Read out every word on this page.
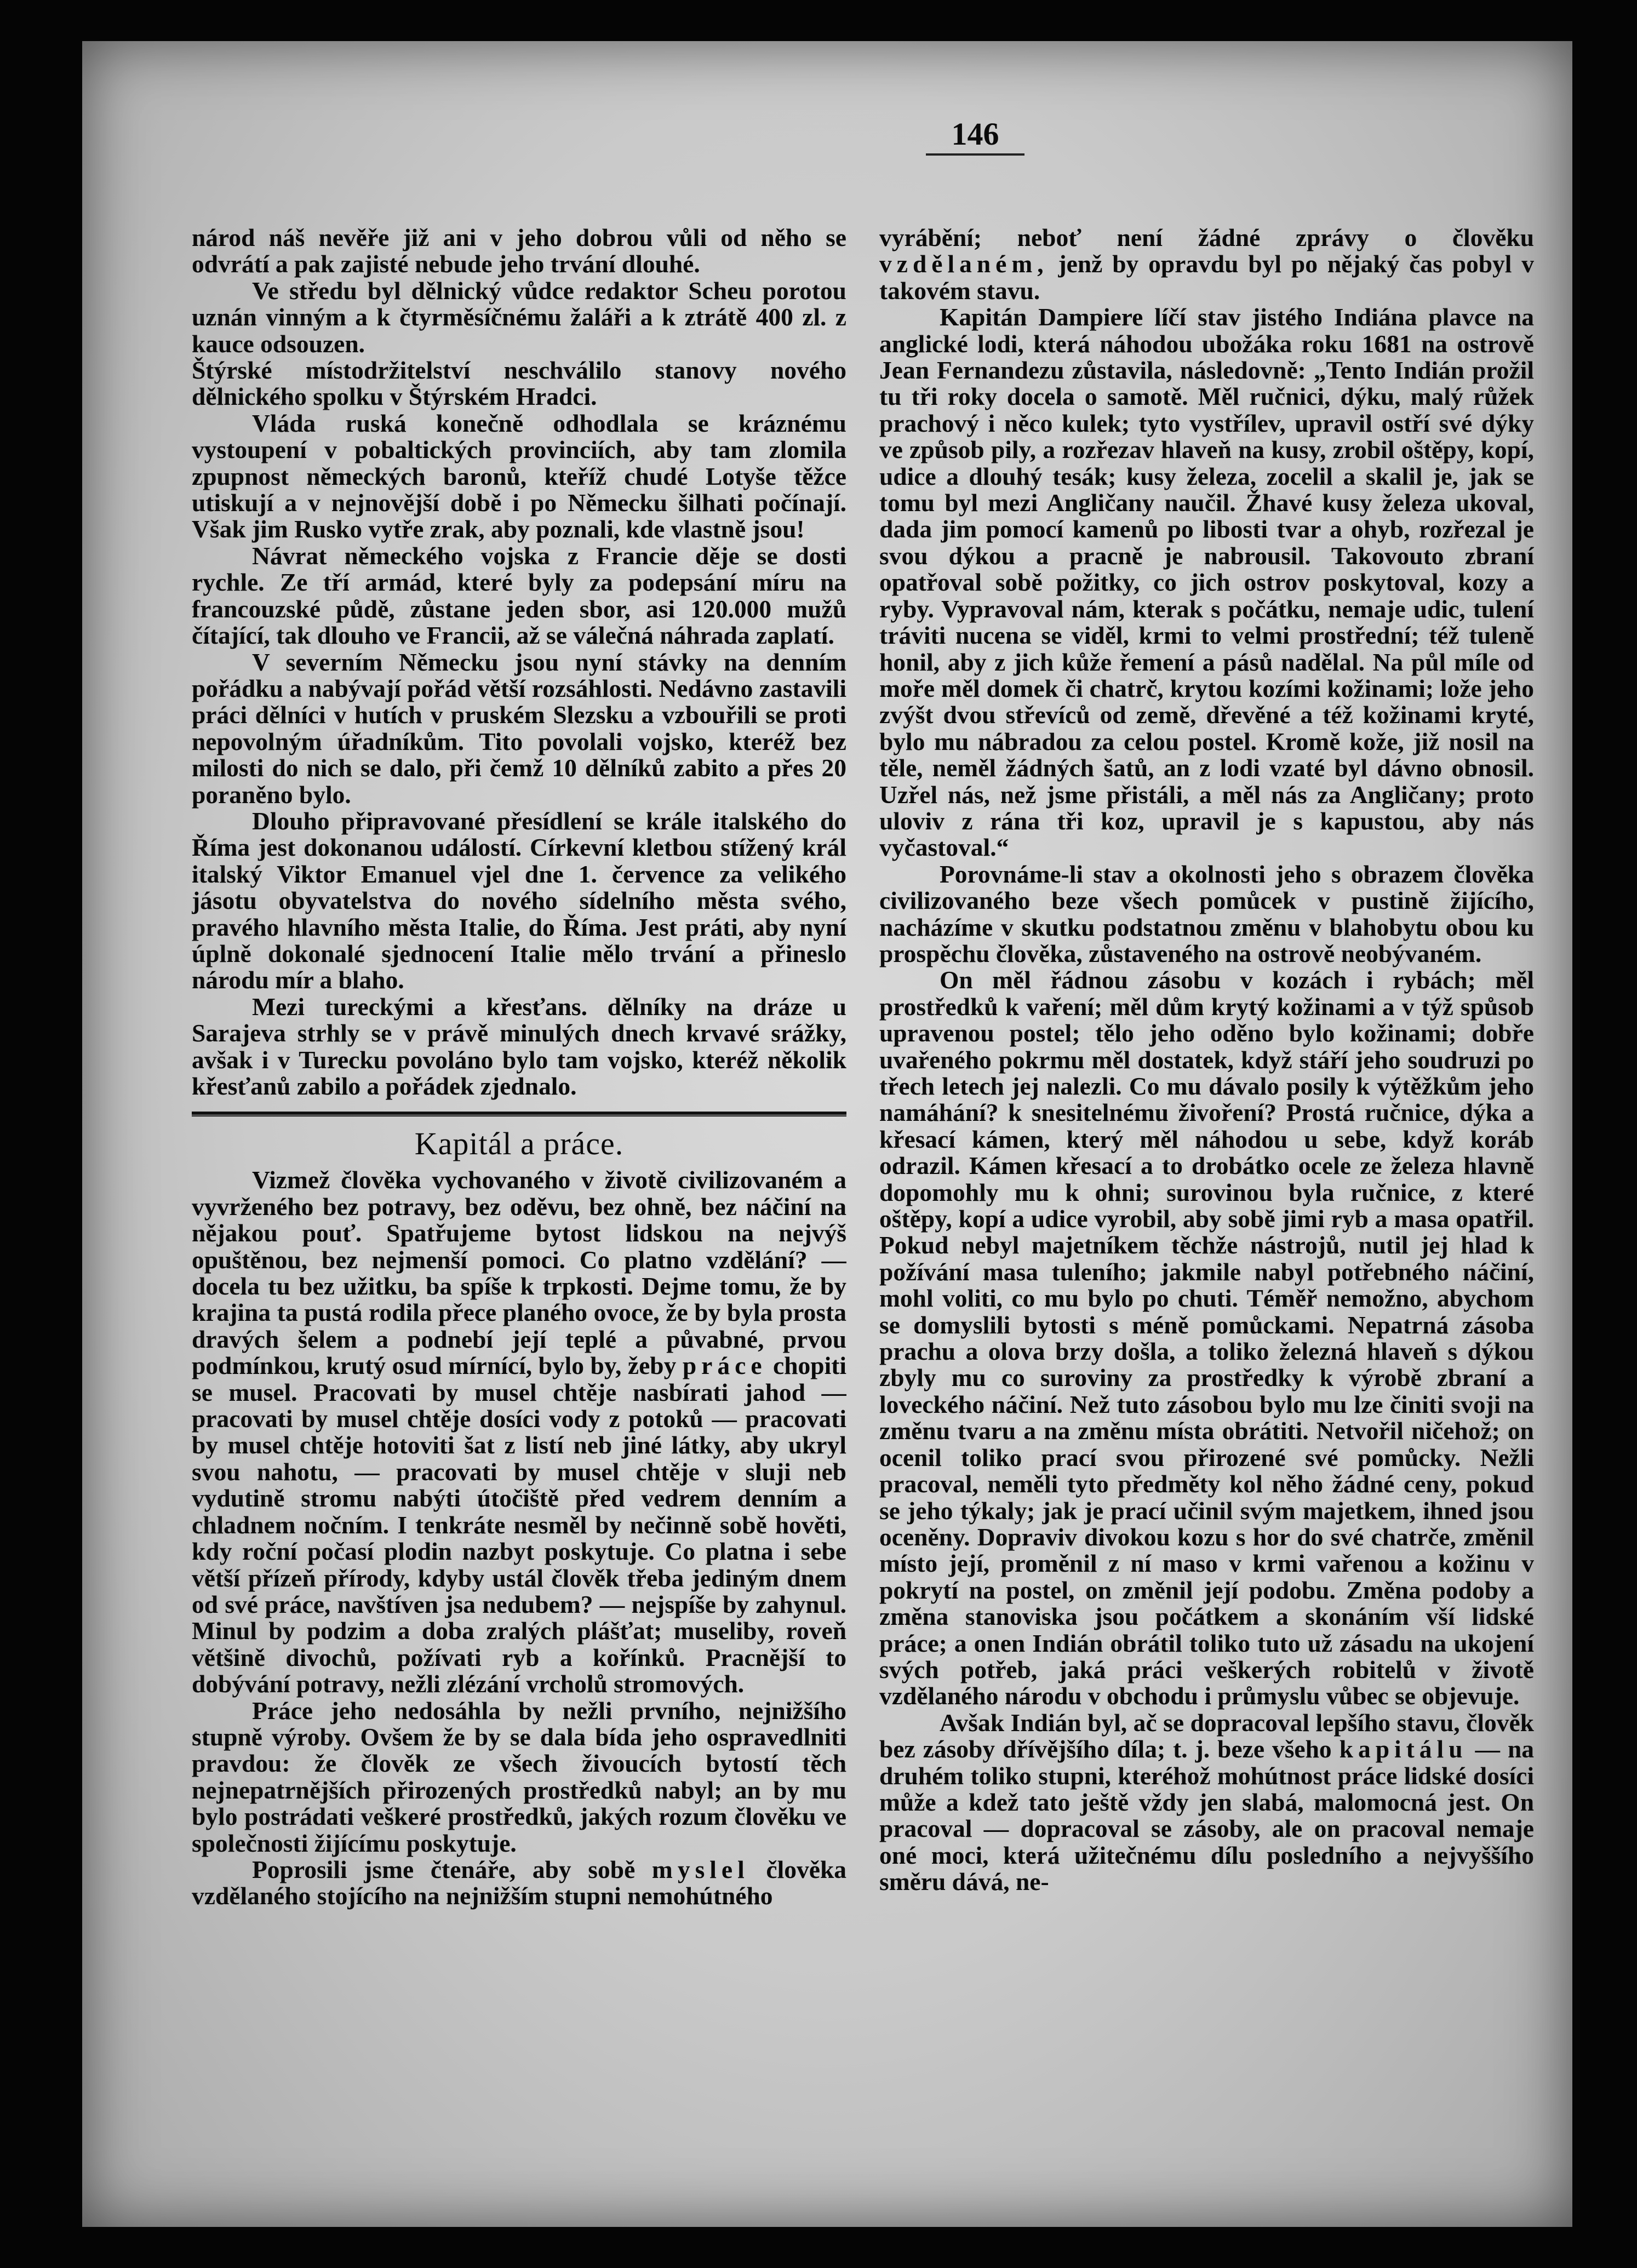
146

národ náš nevěře již ani v jeho dobrou vůli od něho se odvrátí a pak zajisté nebude jeho trvání dlouhé.

Ve středu byl dělnický vůdce redaktor Scheu porotou uznán vinným a k čtyrměsíčnému žaláři a k ztrátě 400 zl. z kauce odsouzen.

Štýrské místodržitelství neschválilo stanovy nového dělnického spolku v Štýrském Hradci.

Vláda ruská konečně odhodlala se kráznému vystoupení v pobaltických provinciích, aby tam zlomila zpupnost německých baronů, kteříž chudé Lotyše těžce utiskují a v nejnovější době i po Německu šilhati počínají. Však jim Rusko vytře zrak, aby poznali, kde vlastně jsou!

Návrat německého vojska z Francie děje se dosti rychle. Ze tří armád, které byly za podepsání míru na francouzské půdě, zůstane jeden sbor, asi 120.000 mužů čítající, tak dlouho ve Francii, až se válečná náhrada zaplatí.

V severním Německu jsou nyní stávky na denním pořádku a nabývají pořád větší rozsáhlosti. Nedávno zastavili práci dělníci v hutích v pruském Slezsku a vzbouřili se proti nepovolným úřadníkům. Tito povolali vojsko, kteréž bez milosti do nich se dalo, při čemž 10 dělníků zabito a přes 20 poraněno bylo.

Dlouho připravované přesídlení se krále italského do Říma jest dokonanou událostí. Církevní kletbou stížený král italský Viktor Emanuel vjel dne 1. července za velikého jásotu obyvatelstva do nového sídelního města svého, pravého hlavního města Italie, do Říma. Jest práti, aby nyní úplně dokonalé sjednocení Italie mělo trvání a přineslo národu mír a blaho.

Mezi tureckými a křesťans. dělníky na dráze u Sarajeva strhly se v právě minulých dnech krvavé srážky, avšak i v Turecku povoláno bylo tam vojsko, kteréž několik křesťanů zabilo a pořádek zjednalo.

Kapitál a práce.

Vizmež člověka vychovaného v životě civilizovaném a vyvrženého bez potravy, bez oděvu, bez ohně, bez náčiní na nějakou pouť. Spatřujeme bytost lidskou na nejvýš opuštěnou, bez nejmenší pomoci. Co platno vzdělání? — docela tu bez užitku, ba spíše k trpkosti. Dejme tomu, že by krajina ta pustá rodila přece planého ovoce, že by byla prosta dravých šelem a podnebí její teplé a půvabné, prvou podmínkou, krutý osud mírnící, bylo by, žeby práce chopiti se musel. Pracovati by musel chtěje nasbírati jahod — pracovati by musel chtěje dosíci vody z potoků — pracovati by musel chtěje hotoviti šat z listí neb jiné látky, aby ukryl svou nahotu, — pracovati by musel chtěje v sluji neb vydutině stromu nabýti útočiště před vedrem denním a chladnem nočním. I tenkráte nesměl by nečinně sobě hověti, kdy roční počasí plodin nazbyt poskytuje. Co platna i sebe větší přízeň přírody, kdyby ustál člověk třeba jediným dnem od své práce, navštíven jsa nedubem? — nejspíše by zahynul. Minul by podzim a doba zralých plášťat; museliby, roveň většině divochů, požívati ryb a kořínků. Pracnější to dobývání potravy, nežli zlézání vrcholů stromových.

Práce jeho nedosáhla by nežli prvního, nejnižšího stupně výroby. Ovšem že by se dala bída jeho ospravedlniti pravdou: že člověk ze všech živoucích bytostí těch nejnepatrnějších přirozených prostředků nabyl; an by mu bylo postrádati veškeré prostředků, jakých rozum člověku ve společnosti žijícímu poskytuje.

Poprosili jsme čtenáře, aby sobě myslel člověka vzdělaného stojícího na nejnižším stupni nemohútného

vyrábění; neboť není žádné zprávy o člověku vzdělaném, jenž by opravdu byl po nějaký čas pobyl v takovém stavu.

Kapitán Dampiere líčí stav jistého Indiána plavce na anglické lodi, která náhodou ubožáka roku 1681 na ostrově Jean Fernandezu zůstavila, následovně: „Tento Indián prožil tu tři roky docela o samotě. Měl ručnici, dýku, malý růžek prachový i něco kulek; tyto vystřílev, upravil ostří své dýky ve způsob pily, a rozřezav hlaveň na kusy, zrobil oštěpy, kopí, udice a dlouhý tesák; kusy železa, zocelil a skalil je, jak se tomu byl mezi Angličany naučil. Žhavé kusy železa ukoval, dada jim pomocí kamenů po libosti tvar a ohyb, rozřezal je svou dýkou a pracně je nabrousil. Takovouto zbraní opatřoval sobě požitky, co jich ostrov poskytoval, kozy a ryby. Vypravoval nám, kterak s počátku, nemaje udic, tulení tráviti nucena se viděl, krmi to velmi prostřední; též tuleně honil, aby z jich kůže řemení a pásů nadělal. Na půl míle od moře měl domek či chatrč, krytou kozími kožinami; lože jeho zvýšt dvou střevíců od země, dřevěné a též kožinami kryté, bylo mu nábradou za celou postel. Kromě kože, již nosil na těle, neměl žádných šatů, an z lodi vzaté byl dávno obnosil. Uzřel nás, než jsme přistáli, a měl nás za Angličany; proto uloviv z rána tři koz, upravil je s kapustou, aby nás vyčastoval.“

Porovnáme-li stav a okolnosti jeho s obrazem člověka civilizovaného beze všech pomůcek v pustině žijícího, nacházíme v skutku podstatnou změnu v blahobytu obou ku prospěchu člověka, zůstaveného na ostrově neobývaném.

On měl řádnou zásobu v kozách i rybách; měl prostředků k vaření; měl dům krytý kožinami a v týž spůsob upravenou postel; tělo jeho oděno bylo kožinami; dobře uvařeného pokrmu měl dostatek, když stáří jeho soudruzi po třech letech jej nalezli. Co mu dávalo posily k výtěžkům jeho namáhání? k snesitelnému živoření? Prostá ručnice, dýka a křesací kámen, který měl náhodou u sebe, když koráb odrazil. Kámen křesací a to drobátko ocele ze železa hlavně dopomohly mu k ohni; surovinou byla ručnice, z které oštěpy, kopí a udice vyrobil, aby sobě jimi ryb a masa opatřil. Pokud nebyl majetníkem těchže nástrojů, nutil jej hlad k požívání masa tuleního; jakmile nabyl potřebného náčiní, mohl voliti, co mu bylo po chuti. Téměř nemožno, abychom se domyslili bytosti s méně pomůckami. Nepatrná zásoba prachu a olova brzy došla, a toliko železná hlaveň s dýkou zbyly mu co suroviny za prostředky k výrobě zbraní a loveckého náčiní. Než tuto zásobou bylo mu lze činiti svoji na změnu tvaru a na změnu místa obrátiti. Netvořil ničehož; on ocenil toliko prací svou přirozené své pomůcky. Nežli pracoval, neměli tyto předměty kol něho žádné ceny, pokud se jeho týkaly; jak je prací učinil svým majetkem, ihned jsou oceněny. Dopraviv divokou kozu s hor do své chatrče, změnil místo její, proměnil z ní maso v krmi vařenou a kožinu v pokrytí na postel, on změnil její podobu. Změna podoby a změna stanoviska jsou počátkem a skonáním vší lidské práce; a onen Indián obrátil toliko tuto už zásadu na ukojení svých potřeb, jaká práci veškerých robitelů v životě vzdělaného národu v obchodu i průmyslu vůbec se objevuje.

Avšak Indián byl, ač se dopracoval lepšího stavu, člověk bez zásoby dřívějšího díla; t. j. beze všeho kapitálu — na druhém toliko stupni, kteréhož mohútnost práce lidské dosíci může a kdež tato ještě vždy jen slabá, malomocná jest. On pracoval — dopracoval se zásoby, ale on pracoval nemaje oné moci, která užitečnému dílu posledního a nejvyššího směru dává, ne-
